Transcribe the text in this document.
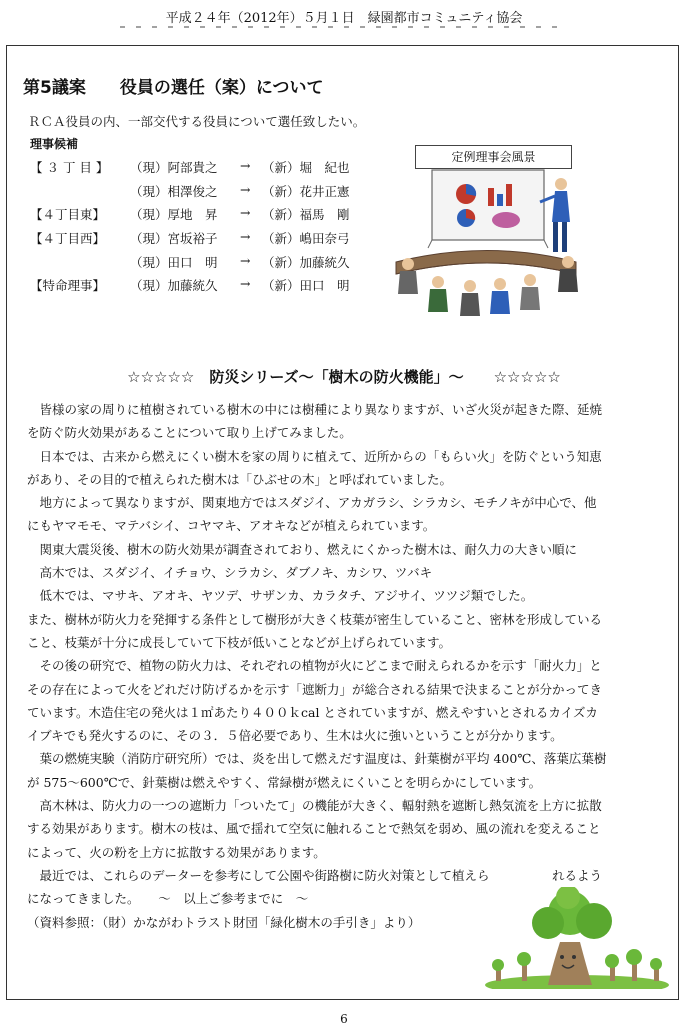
平成２４年（2012年）５月１日　緑園都市コミュニティ協会
第5議案 役員の選任（案）について
ＲＣＡ役員の内、一部交代する役員について選任致したい。
理事候補
【 ３ 丁 目 】	（現）阿部貴之 → （新）堀　紀也
（現）相澤俊之 → （新）花井正憲
【４丁目東】	（現）厚地　昇 → （新）福馬　剛
【４丁目西】	（現）宮坂裕子 → （新）嶋田奈弓
（現）田口　明 → （新）加藤統久
【特命理事】	（現）加藤統久 → （新）田口　明
定例理事会風景
☆☆☆☆☆　防災シリーズ～「樹木の防火機能」～　　☆☆☆☆☆
　皆様の家の周りに植樹されている樹木の中には樹種により異なりますが、いざ火災が起きた際、延焼
を防ぐ防火効果があることについて取り上げてみました。
　日本では、古来から燃えにくい樹木を家の周りに植えて、近所からの「もらい火」を防ぐという知恵
があり、その目的で植えられた樹木は「ひぶせの木」と呼ばれていました。
　地方によって異なりますが、関東地方ではスダジイ、アカガラシ、シラカシ、モチノキが中心で、他
にもヤマモモ、マテバシイ、コヤマキ、アオキなどが植えられています。
　関東大震災後、樹木の防火効果が調査されており、燃えにくかった樹木は、耐久力の大きい順に
　高木では、スダジイ、イチョウ、シラカシ、ダブノキ、カシワ、ツバキ
　低木では、マサキ、アオキ、ヤツデ、サザンカ、カラタチ、アジサイ、ツツジ類でした。
また、樹林が防火力を発揮する条件として樹形が大きく枝葉が密生していること、密林を形成している
こと、枝葉が十分に成長していて下枝が低いことなどが上げられています。
　その後の研究で、植物の防火力は、それぞれの植物が火にどこまで耐えられるかを示す「耐火力」と
その存在によって火をどれだけ防げるかを示す「遮断力」が総合される結果で決まることが分かってき
ています。木造住宅の発火は１㎡あたり４００ｋcal とされていますが、燃えやすいとされるカイズカ
イブキでも発火するのに、その３．５倍必要であり、生木は火に強いということが分かります。
　葉の燃焼実験（消防庁研究所）では、炎を出して燃えだす温度は、針葉樹が平均 400℃、落葉広葉樹
が 575～600℃で、針葉樹は燃えやすく、常緑樹が燃えにくいことを明らかにしています。
　高木林は、防火力の一つの遮断力「ついたて」の機能が大きく、輻射熱を遮断し熱気流を上方に拡散
する効果があります。樹木の枝は、風で揺れて空気に触れることで熱気を弱め、風の流れを変えること
によって、火の粉を上方に拡散する効果があります。
　最近では、これらのデーターを参考にして公園や街路樹に防火対策として植えら　　　　　れるよう
になってきました。　　～　以上ご参考までに　～
（資料参照：（財）かながわトラスト財団「緑化樹木の手引き」より）
6
